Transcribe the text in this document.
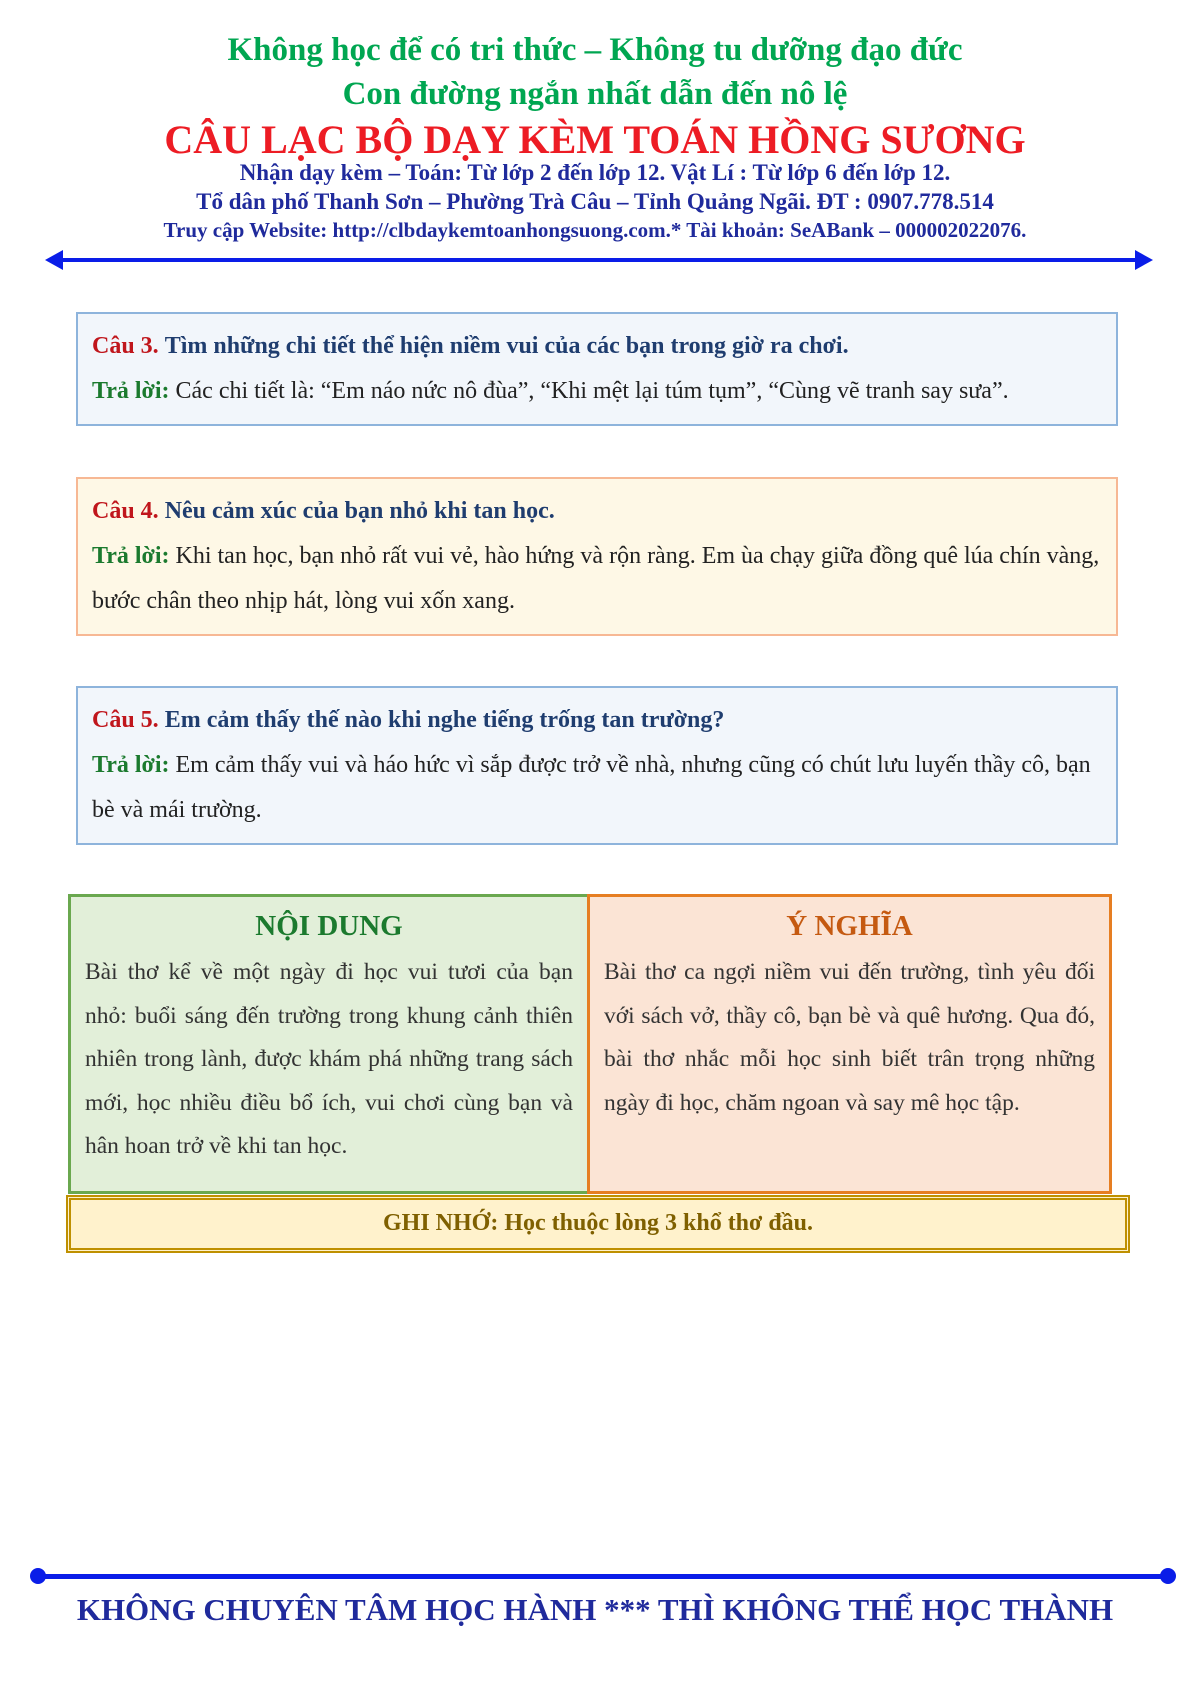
Không học để có tri thức – Không tu dưỡng đạo đức
Con đường ngắn nhất dẫn đến nô lệ
CÂU LẠC BỘ DẠY KÈM TOÁN HỒNG SƯƠNG
Nhận dạy kèm – Toán: Từ lớp 2 đến lớp 12. Vật Lí : Từ lớp 6 đến lớp 12.
Tổ dân phố Thanh Sơn – Phường Trà Câu – Tỉnh Quảng Ngãi. ĐT : 0907.778.514
Truy cập Website: http://clbdaykemtoanhongsuong.com.* Tài khoản: SeABank – 000002022076.
Câu 3. Tìm những chi tiết thể hiện niềm vui của các bạn trong giờ ra chơi.
Trả lời: Các chi tiết là: “Em náo nức nô đùa”, “Khi mệt lại túm tụm”, “Cùng vẽ tranh say sưa”.
Câu 4. Nêu cảm xúc của bạn nhỏ khi tan học.
Trả lời: Khi tan học, bạn nhỏ rất vui vẻ, hào hứng và rộn ràng. Em ùa chạy giữa đồng quê lúa chín vàng, bước chân theo nhịp hát, lòng vui xốn xang.
Câu 5. Em cảm thấy thế nào khi nghe tiếng trống tan trường?
Trả lời: Em cảm thấy vui và háo hức vì sắp được trở về nhà, nhưng cũng có chút lưu luyến thầy cô, bạn bè và mái trường.
NỘI DUNG
Bài thơ kể về một ngày đi học vui tươi của bạn nhỏ: buổi sáng đến trường trong khung cảnh thiên nhiên trong lành, được khám phá những trang sách mới, học nhiều điều bổ ích, vui chơi cùng bạn và hân hoan trở về khi tan học.
Ý NGHĨA
Bài thơ ca ngợi niềm vui đến trường, tình yêu đối với sách vở, thầy cô, bạn bè và quê hương. Qua đó, bài thơ nhắc mỗi học sinh biết trân trọng những ngày đi học, chăm ngoan và say mê học tập.
GHI NHỚ: Học thuộc lòng 3 khổ thơ đầu.
KHÔNG CHUYÊN TÂM HỌC HÀNH *** THÌ KHÔNG THỂ HỌC THÀNH
